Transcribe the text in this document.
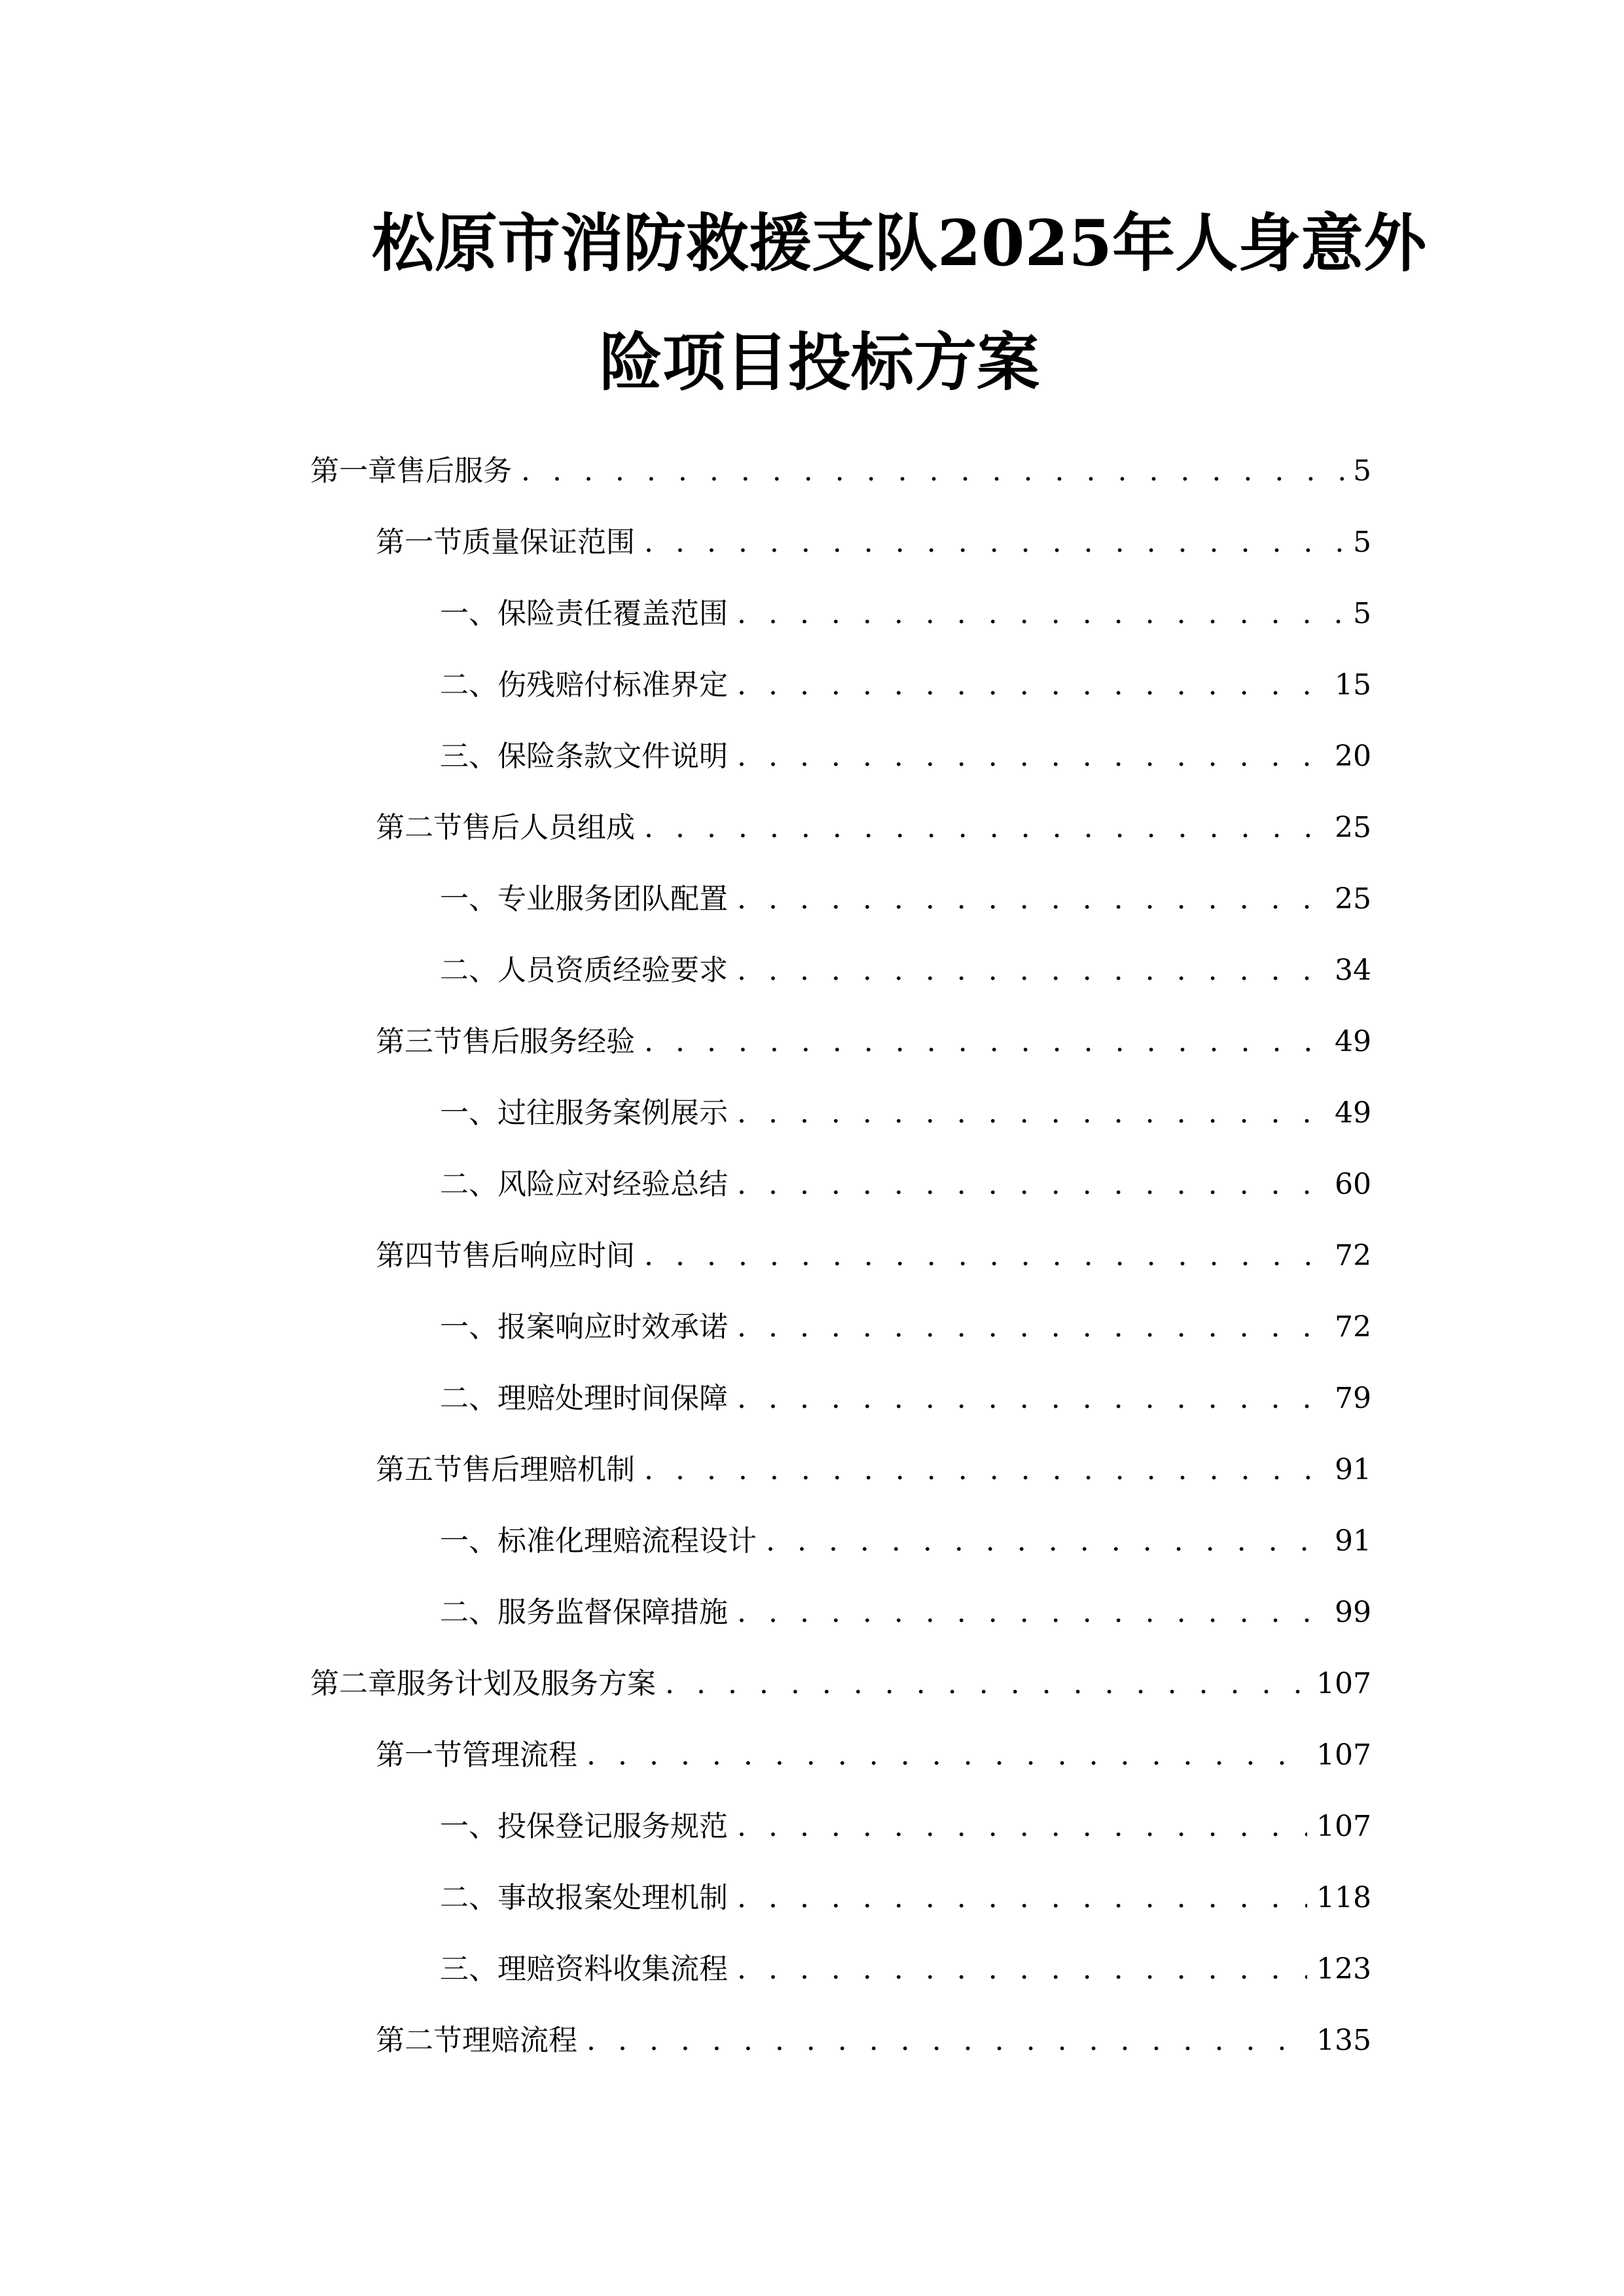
松原市消防救援支队2025年人身意外
险项目投标方案
第一章 售后服务 . . .	5
第一节 质量保证范围 . . .	5
一、 保险责任覆盖范围 . . .	5
二、 伤残赔付标准界定 . . .	15
三、 保险条款文件说明 . . .	20
第二节 售后人员组成 . . .	25
一、 专业服务团队配置 . . .	25
二、 人员资质经验要求 . . .	34
第三节 售后服务经验 . . .	49
一、 过往服务案例展示 . . .	49
二、 风险应对经验总结 . . .	60
第四节 售后响应时间 . . .	72
一、 报案响应时效承诺 . . .	72
二、 理赔处理时间保障 . . .	79
第五节 售后理赔机制 . . .	91
一、 标准化理赔流程设计 . . .	91
二、 服务监督保障措施 . . .	99
第二章 服务计划及服务方案 . . .	107
第一节 管理流程 . . .	107
一、 投保登记服务规范 . . .	107
二、 事故报案处理机制 . . .	118
三、 理赔资料收集流程 . . .	123
第二节 理赔流程 . . .	135
